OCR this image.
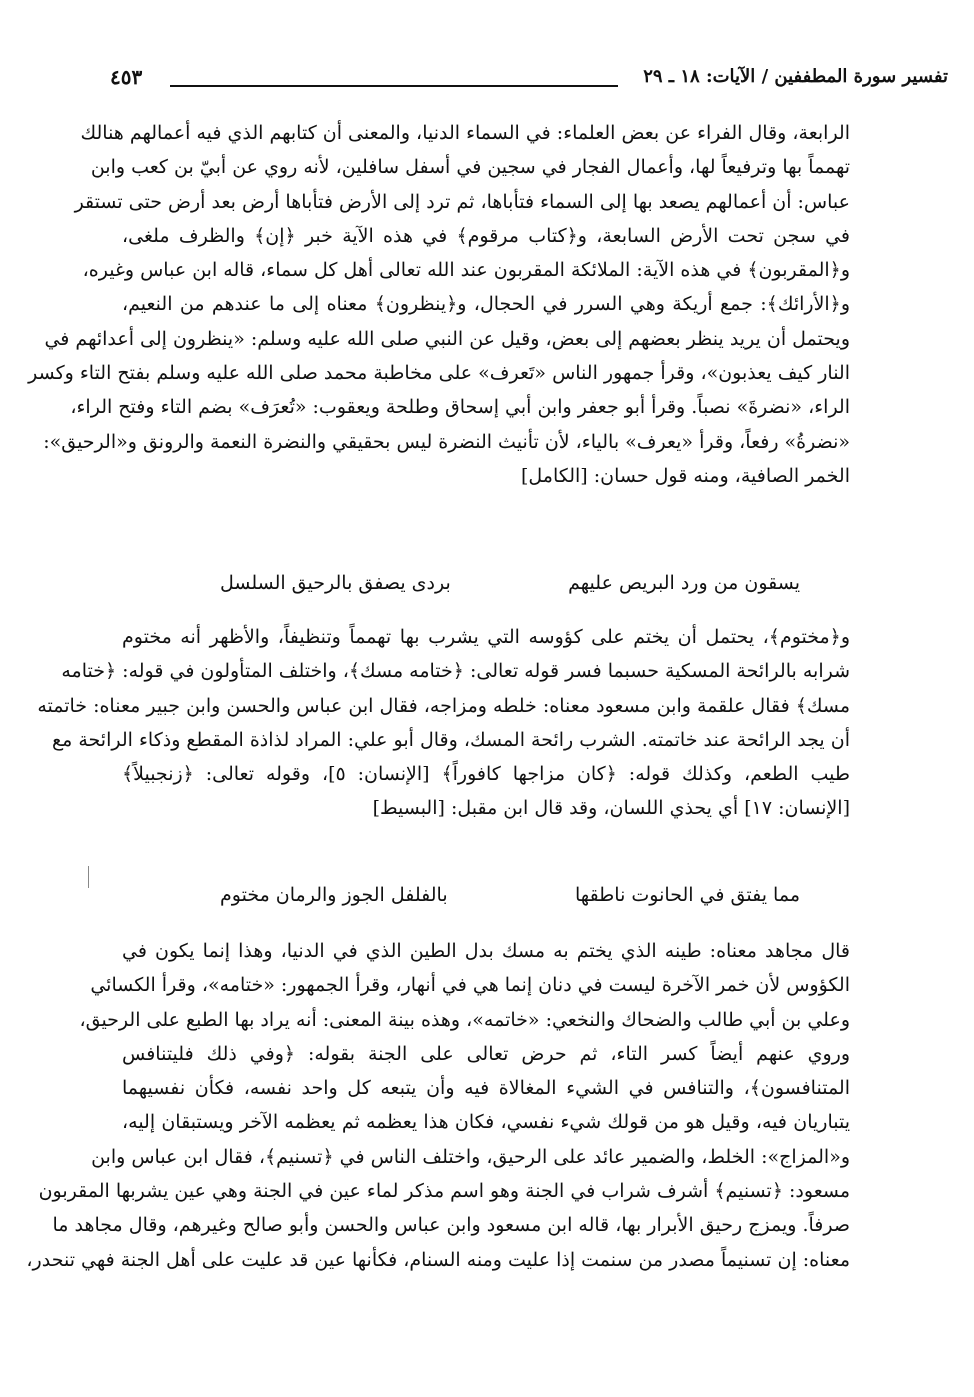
تفسير سورة المطففين / الآيات: ١٨ ـ ٢٩
٤٥٣
الرابعة، وقال الفراء عن بعض العلماء: في السماء الدنيا، والمعنى أن كتابهم الذي فيه أعمالهم هنالك
تهمماً بها وترفيعاً لها، وأعمال الفجار في سجين في أسفل سافلين، لأنه روي عن أبيّ بن كعب وابن
عباس: أن أعمالهم يصعد بها إلى السماء فتأباها، ثم ترد إلى الأرض فتأباها أرض بعد أرض حتى تستقر
في سجن تحت الأرض السابعة، و﴿كتاب مرقوم﴾ في هذه الآية خبر ﴿إن﴾ والظرف ملغى،
و﴿المقربون﴾ في هذه الآية: الملائكة المقربون عند الله تعالى أهل كل سماء، قاله ابن عباس وغيره،
و﴿الأرائك﴾: جمع أريكة وهي السرر في الحجال، و﴿ينظرون﴾ معناه إلى ما عندهم من النعيم،
ويحتمل أن يريد ينظر بعضهم إلى بعض، وقيل عن النبي صلى الله عليه وسلم: «ينظرون إلى أعدائهم في
النار كيف يعذبون»، وقرأ جمهور الناس «تَعرف» على مخاطبة محمد صلى الله عليه وسلم بفتح التاء وكسر
الراء، «نضرةَ» نصباً. وقرأ أبو جعفر وابن أبي إسحاق وطلحة ويعقوب: «تُعرَف» بضم التاء وفتح الراء،
«نضرةُ» رفعاً، وقرأ «يعرف» بالياء، لأن تأنيث النضرة ليس بحقيقي والنضرة النعمة والرونق و«الرحيق»:
الخمر الصافية، ومنه قول حسان: [الكامل]
يسقون من ورد البريص عليهم
بردى يصفق بالرحيق السلسل
و﴿مختوم﴾، يحتمل أن يختم على كؤوسه التي يشرب بها تهمماً وتنظيفاً، والأظهر أنه مختوم
شرابه بالرائحة المسكية حسبما فسر قوله تعالى: ﴿ختامه مسك﴾، واختلف المتأولون في قوله: ﴿ختامه
مسك﴾ فقال علقمة وابن مسعود معناه: خلطه ومزاجه، فقال ابن عباس والحسن وابن جبير معناه: خاتمته
أن يجد الرائحة عند خاتمته. الشرب رائحة المسك، وقال أبو علي: المراد لذاذة المقطع وذكاء الرائحة مع
طيب الطعم، وكذلك قوله: ﴿كان مزاجها كافوراً﴾ [الإنسان: ٥]، وقوله تعالى: ﴿زنجبيلاً﴾
[الإنسان: ١٧] أي يحذي اللسان، وقد قال ابن مقبل: [البسيط]
مما يفتق في الحانوت ناطقها
بالفلفل الجوز والرمان مختوم
قال مجاهد معناه: طينه الذي يختم به مسك بدل الطين الذي في الدنيا، وهذا إنما يكون في
الكؤوس لأن خمر الآخرة ليست في دنان إنما هي في أنهار، وقرأ الجمهور: «ختامه»، وقرأ الكسائي
وعلي بن أبي طالب والضحاك والنخعي: «خاتمه»، وهذه بينة المعنى: أنه يراد بها الطبع على الرحيق،
وروي عنهم أيضاً كسر التاء، ثم حرض تعالى على الجنة بقوله: ﴿وفي ذلك فليتنافس
المتنافسون﴾، والتنافس في الشيء المغالاة فيه وأن يتبعه كل واحد نفسه، فكأن نفسيهما
يتباريان فيه، وقيل هو من قولك شيء نفسي، فكان هذا يعظمه ثم يعظمه الآخر ويستبقان إليه،
و«المزاج»: الخلط، والضمير عائد على الرحيق، واختلف الناس في ﴿تسنيم﴾، فقال ابن عباس وابن
مسعود: ﴿تسنيم﴾ أشرف شراب في الجنة وهو اسم مذكر لماء عين في الجنة وهي عين يشربها المقربون
صرفاً. ويمزج رحيق الأبرار بها، قاله ابن مسعود وابن عباس والحسن وأبو صالح وغيرهم، وقال مجاهد ما
معناه: إن تسنيماً مصدر من سنمت إذا عليت ومنه السنام، فكأنها عين قد عليت على أهل الجنة فهي تنحدر،
